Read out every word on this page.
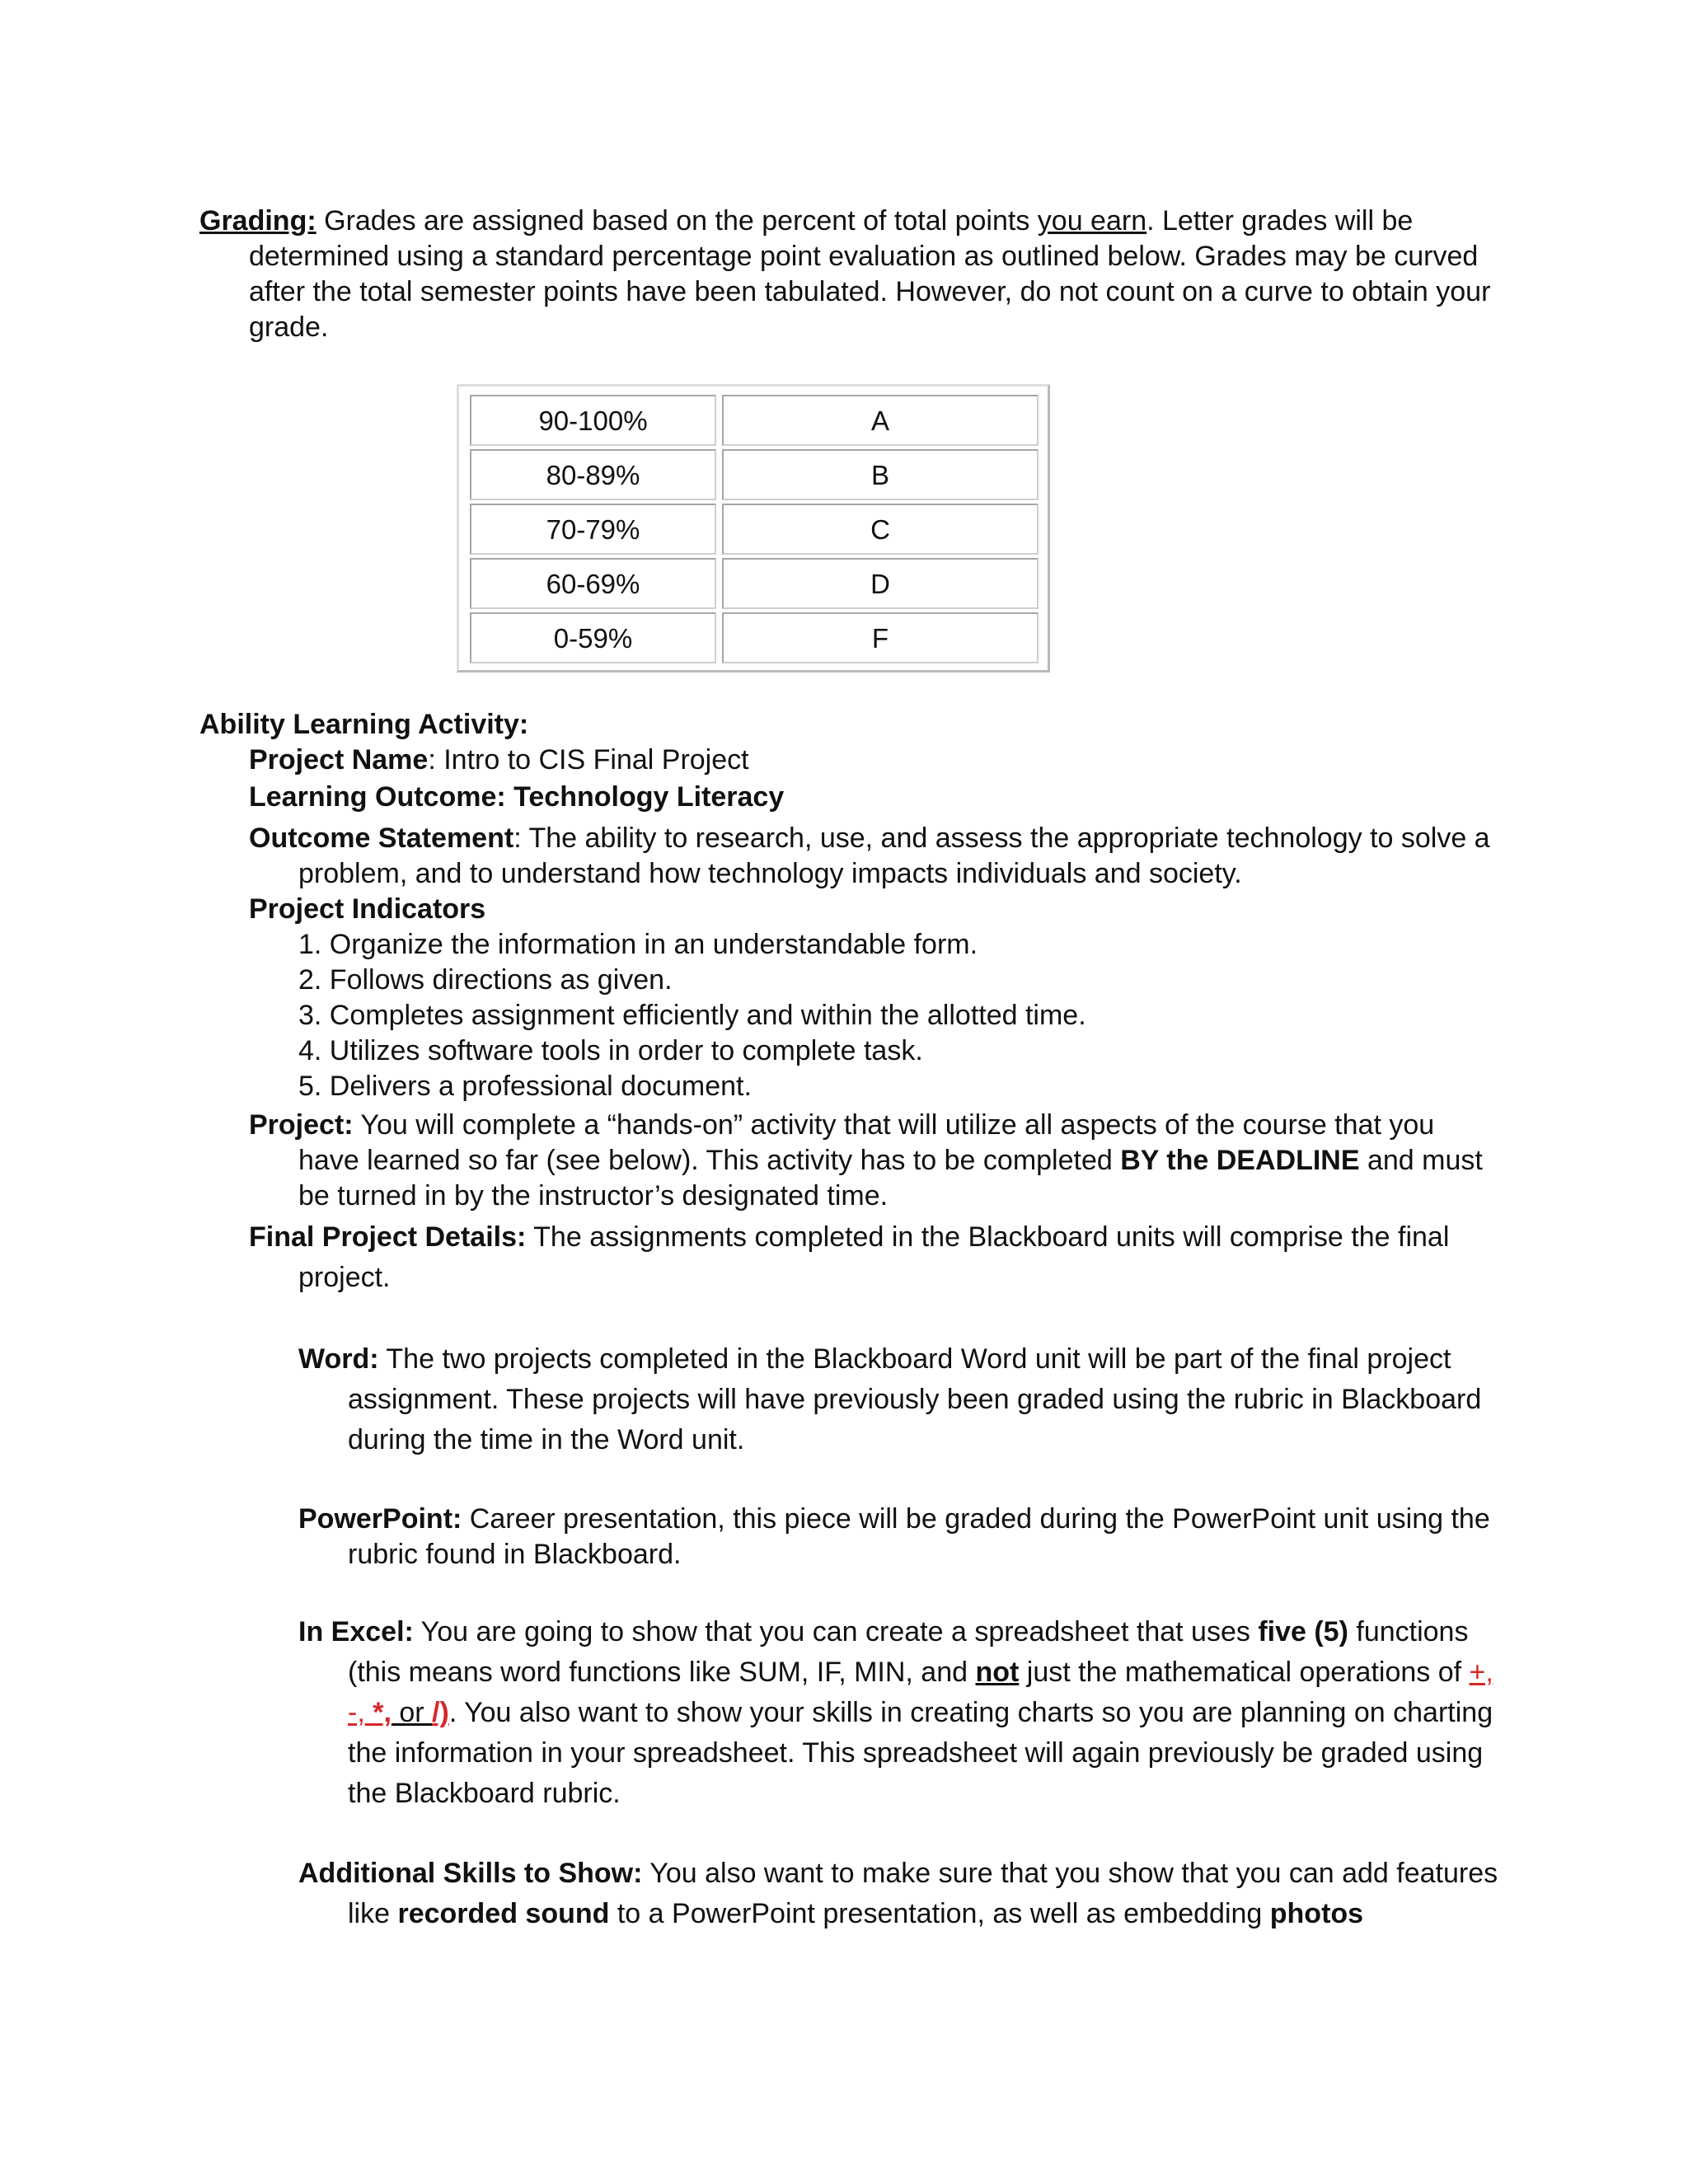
Grading: Grades are assigned based on the percent of total points you earn. Letter grades will be determined using a standard percentage point evaluation as outlined below. Grades may be curved after the total semester points have been tabulated. However, do not count on a curve to obtain your grade.

90-100%	A
80-89%	B
70-79%	C
60-69%	D
0-59%	F

Ability Learning Activity:

Project Name: Intro to CIS Final Project

Learning Outcome: Technology Literacy

Outcome Statement: The ability to research, use, and assess the appropriate technology to solve a problem, and to understand how technology impacts individuals and society.

Project Indicators

1. Organize the information in an understandable form.
2. Follows directions as given.
3. Completes assignment efficiently and within the allotted time.
4. Utilizes software tools in order to complete task.
5. Delivers a professional document.

Project: You will complete a “hands-on” activity that will utilize all aspects of the course that you have learned so far (see below). This activity has to be completed BY the DEADLINE and must be turned in by the instructor’s designated time.

Final Project Details: The assignments completed in the Blackboard units will comprise the final project.

Word: The two projects completed in the Blackboard Word unit will be part of the final project assignment. These projects will have previously been graded using the rubric in Blackboard during the time in the Word unit.

PowerPoint: Career presentation, this piece will be graded during the PowerPoint unit using the rubric found in Blackboard.

In Excel: You are going to show that you can create a spreadsheet that uses five (5) functions (this means word functions like SUM, IF, MIN, and not just the mathematical operations of +, -, *, or /). You also want to show your skills in creating charts so you are planning on charting the information in your spreadsheet. This spreadsheet will again previously be graded using the Blackboard rubric.

Additional Skills to Show: You also want to make sure that you show that you can add features like recorded sound to a PowerPoint presentation, as well as embedding photos
